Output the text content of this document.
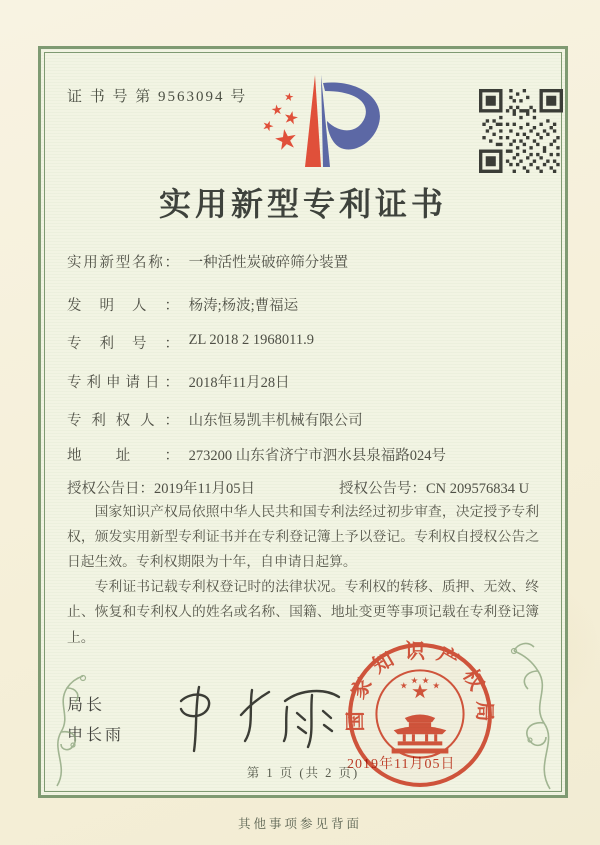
证 书 号 第 9563094 号
实用新型专利证书
实用新型名称： 一种活性炭破碎筛分装置
发明人： 杨涛;杨波;曹福运
专利号： ZL 2018 2 1968011.9
专利申请日： 2018年11月28日
专利权人： 山东恒易凯丰机械有限公司
地址： 273200 山东省济宁市泗水县泉福路024号
授权公告日：2019年11月05日	授权公告号：CN 209576834 U

国家知识产权局依照中华人民共和国专利法经过初步审查，决定授予专利权，颁发实用新型专利证书并在专利登记簿上予以登记。专利权自授权公告之日起生效。专利权期限为十年，自申请日起算。

专利证书记载专利权登记时的法律状况。专利权的转移、质押、无效、终止、恢复和专利权人的姓名或名称、国籍、地址变更等事项记载在专利登记簿上。

局长
申长雨
国家知识产权局
2019年11月05日
第 1 页 (共 2 页)
其他事项参见背面
